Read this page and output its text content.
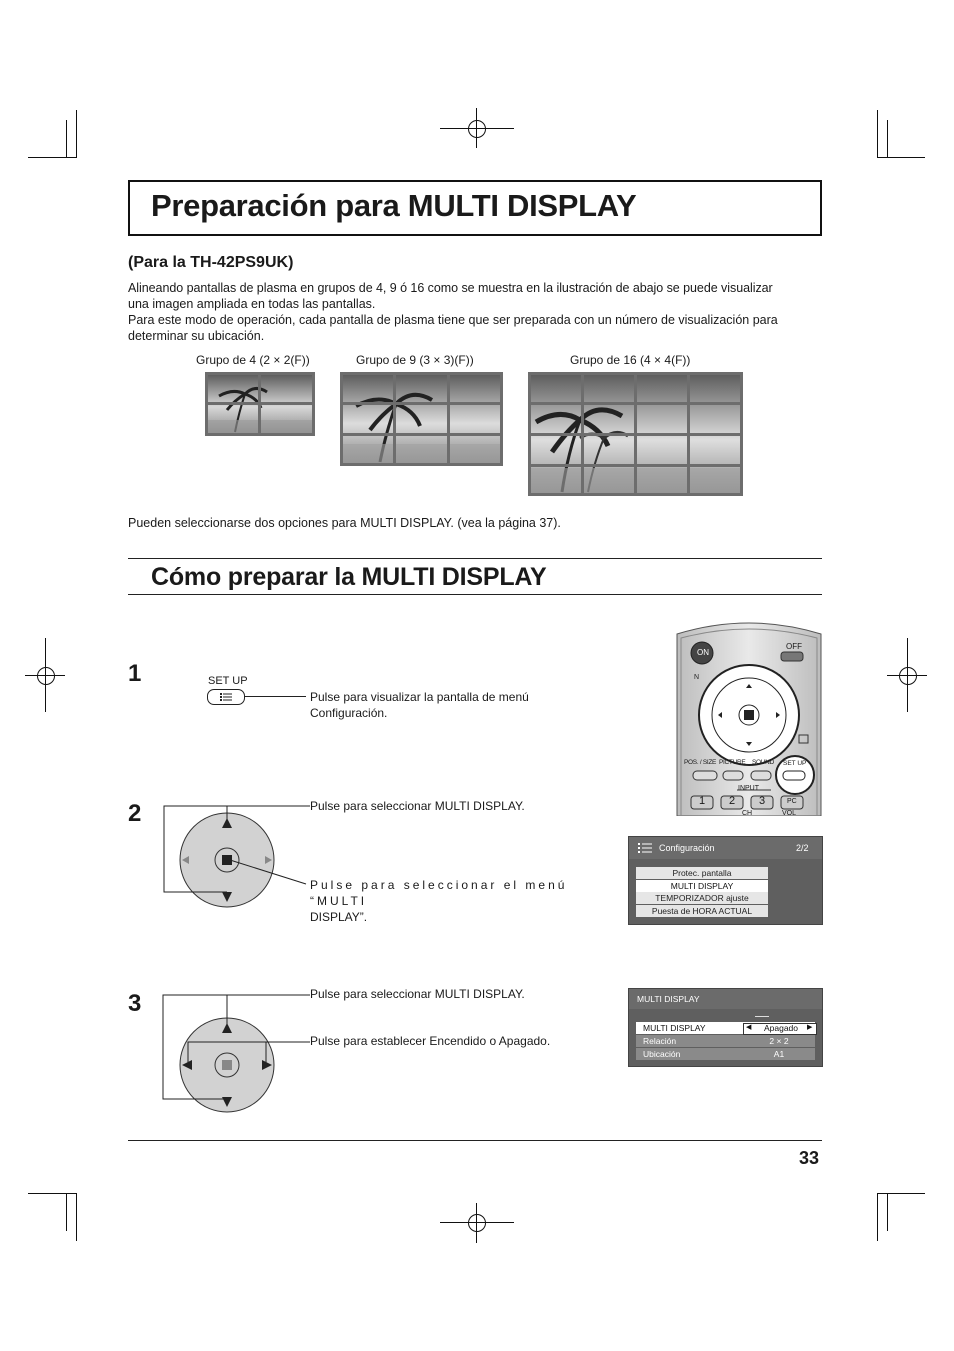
Preparación para MULTI DISPLAY
(Para la TH-42PS9UK)
Alineando pantallas de plasma en grupos de 4, 9 ó 16 como se muestra en la ilustración de abajo se puede visualizar
una imagen ampliada en todas las pantallas.
Para este modo de operación, cada pantalla de plasma tiene que ser preparada con un número de visualización para
determinar su ubicación.
Grupo de 4 (2 × 2(F))	Grupo de 9 (3 × 3)(F))	Grupo de 16 (4 × 4(F))
Pueden seleccionarse dos opciones para MULTI DISPLAY. (vea la página 37).
Cómo preparar la MULTI DISPLAY
1	SET UP
Pulse para visualizar la pantalla de menú
Configuración.
N
ON
OFF
POS. / SIZE PICTURE SOUND SET UP
INPUT
1 2 3	PC
CH	VOL
2	Pulse para seleccionar MULTI DISPLAY.
Pulse para seleccionar el menú “MULTI
DISPLAY”.
Configuración	2/2
Protec. pantalla
MULTI DISPLAY
TEMPORIZADOR ajuste
Puesta de HORA ACTUAL
3	Pulse para seleccionar MULTI DISPLAY.
Pulse para establecer Encendido o Apagado.
MULTI DISPLAY
MULTI DISPLAY	◀	Apagado	▶
Relación	2 × 2
Ubicación	A1
33
